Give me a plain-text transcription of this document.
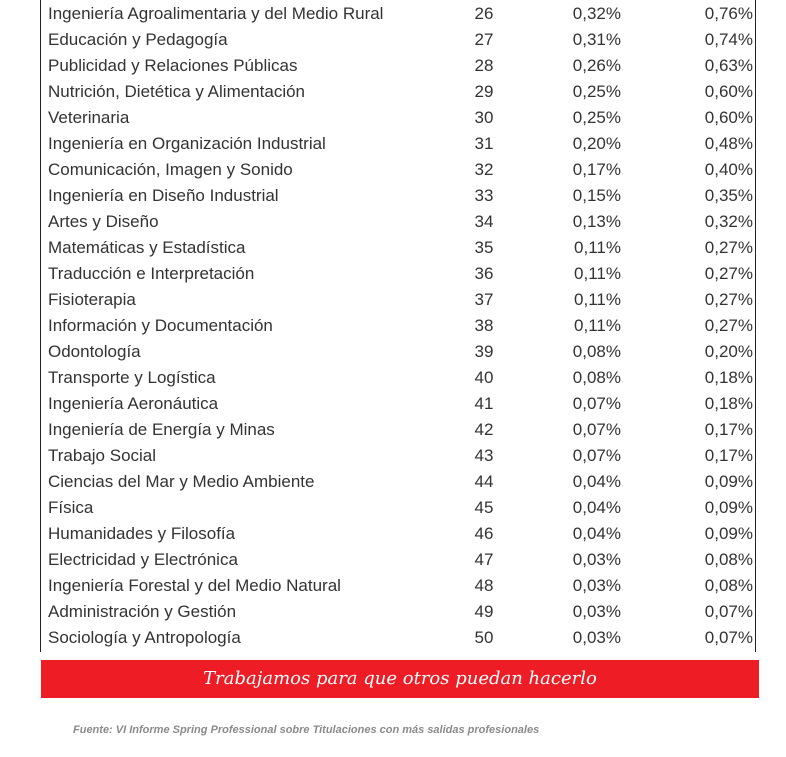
Ingeniería Agroalimentaria y del Medio Rural	26	0,32%	0,76%
Educación y Pedagogía	27	0,31%	0,74%
Publicidad y Relaciones Públicas	28	0,26%	0,63%
Nutrición, Dietética y Alimentación	29	0,25%	0,60%
Veterinaria	30	0,25%	0,60%
Ingeniería en Organización Industrial	31	0,20%	0,48%
Comunicación, Imagen y Sonido	32	0,17%	0,40%
Ingeniería en Diseño Industrial	33	0,15%	0,35%
Artes y Diseño	34	0,13%	0,32%
Matemáticas y Estadística	35	0,11%	0,27%
Traducción e Interpretación	36	0,11%	0,27%
Fisioterapia	37	0,11%	0,27%
Información y Documentación	38	0,11%	0,27%
Odontología	39	0,08%	0,20%
Transporte y Logística	40	0,08%	0,18%
Ingeniería Aeronáutica	41	0,07%	0,18%
Ingeniería de Energía y Minas	42	0,07%	0,17%
Trabajo Social	43	0,07%	0,17%
Ciencias del Mar y Medio Ambiente	44	0,04%	0,09%
Física	45	0,04%	0,09%
Humanidades y Filosofía	46	0,04%	0,09%
Electricidad y Electrónica	47	0,03%	0,08%
Ingeniería Forestal y del Medio Natural	48	0,03%	0,08%
Administración y Gestión	49	0,03%	0,07%
Sociología y Antropología	50	0,03%	0,07%
Trabajamos para que otros puedan hacerlo
Fuente: VI Informe Spring Professional sobre Titulaciones con más salidas profesionales
